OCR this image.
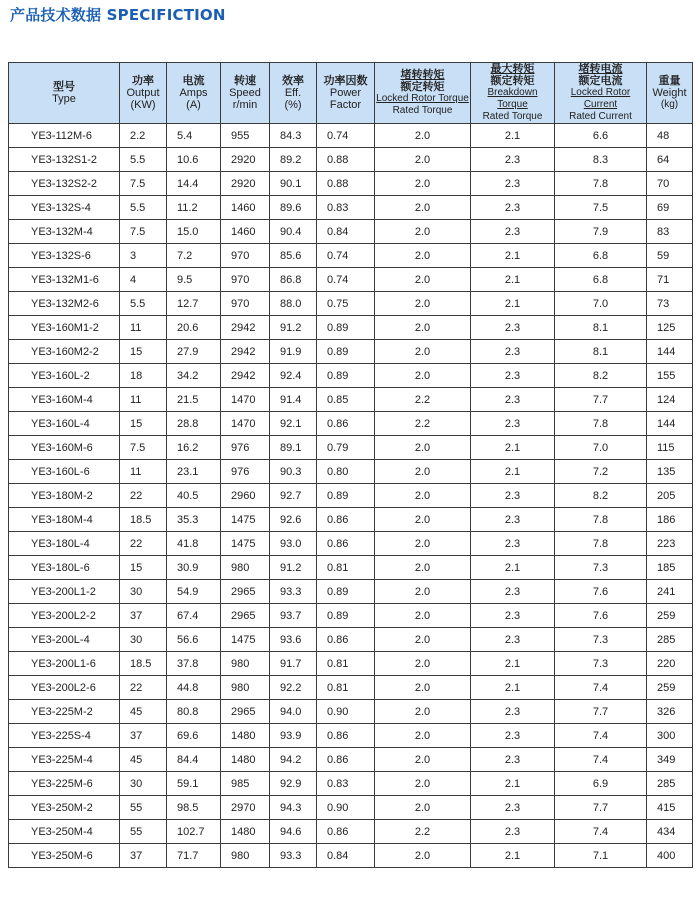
产品技术数据 SPECIFICTION
型号
Type	功率
Output
(KW)	电流
Amps
(A)	转速
Speed
r/min	效率
Eff.
(%)	功率因数
Power
Factor	堵转转矩
额定转矩
Locked Rotor Torque
Rated Torque	最大转矩
额定转矩
Breakdown Torque
Rated Torque	堵转电流
额定电流
Locked Rotor Current
Rated Current	重量
Weight
(kg)

YE3-112M-6	2.2	5.4	955	84.3	0.74	2.0	2.1	6.6	48
YE3-132S1-2	5.5	10.6	2920	89.2	0.88	2.0	2.3	8.3	64
YE3-132S2-2	7.5	14.4	2920	90.1	0.88	2.0	2.3	7.8	70
YE3-132S-4	5.5	11.2	1460	89.6	0.83	2.0	2.3	7.5	69
YE3-132M-4	7.5	15.0	1460	90.4	0.84	2.0	2.3	7.9	83
YE3-132S-6	3	7.2	970	85.6	0.74	2.0	2.1	6.8	59
YE3-132M1-6	4	9.5	970	86.8	0.74	2.0	2.1	6.8	71
YE3-132M2-6	5.5	12.7	970	88.0	0.75	2.0	2.1	7.0	73
YE3-160M1-2	11	20.6	2942	91.2	0.89	2.0	2.3	8.1	125
YE3-160M2-2	15	27.9	2942	91.9	0.89	2.0	2.3	8.1	144
YE3-160L-2	18	34.2	2942	92.4	0.89	2.0	2.3	8.2	155
YE3-160M-4	11	21.5	1470	91.4	0.85	2.2	2.3	7.7	124
YE3-160L-4	15	28.8	1470	92.1	0.86	2.2	2.3	7.8	144
YE3-160M-6	7.5	16.2	976	89.1	0.79	2.0	2.1	7.0	115
YE3-160L-6	11	23.1	976	90.3	0.80	2.0	2.1	7.2	135
YE3-180M-2	22	40.5	2960	92.7	0.89	2.0	2.3	8.2	205
YE3-180M-4	18.5	35.3	1475	92.6	0.86	2.0	2.3	7.8	186
YE3-180L-4	22	41.8	1475	93.0	0.86	2.0	2.3	7.8	223
YE3-180L-6	15	30.9	980	91.2	0.81	2.0	2.1	7.3	185
YE3-200L1-2	30	54.9	2965	93.3	0.89	2.0	2.3	7.6	241
YE3-200L2-2	37	67.4	2965	93.7	0.89	2.0	2.3	7.6	259
YE3-200L-4	30	56.6	1475	93.6	0.86	2.0	2.3	7.3	285
YE3-200L1-6	18.5	37.8	980	91.7	0.81	2.0	2.1	7.3	220
YE3-200L2-6	22	44.8	980	92.2	0.81	2.0	2.1	7.4	259
YE3-225M-2	45	80.8	2965	94.0	0.90	2.0	2.3	7.7	326
YE3-225S-4	37	69.6	1480	93.9	0.86	2.0	2.3	7.4	300
YE3-225M-4	45	84.4	1480	94.2	0.86	2.0	2.3	7.4	349
YE3-225M-6	30	59.1	985	92.9	0.83	2.0	2.1	6.9	285
YE3-250M-2	55	98.5	2970	94.3	0.90	2.0	2.3	7.7	415
YE3-250M-4	55	102.7	1480	94.6	0.86	2.2	2.3	7.4	434
YE3-250M-6	37	71.7	980	93.3	0.84	2.0	2.1	7.1	400
